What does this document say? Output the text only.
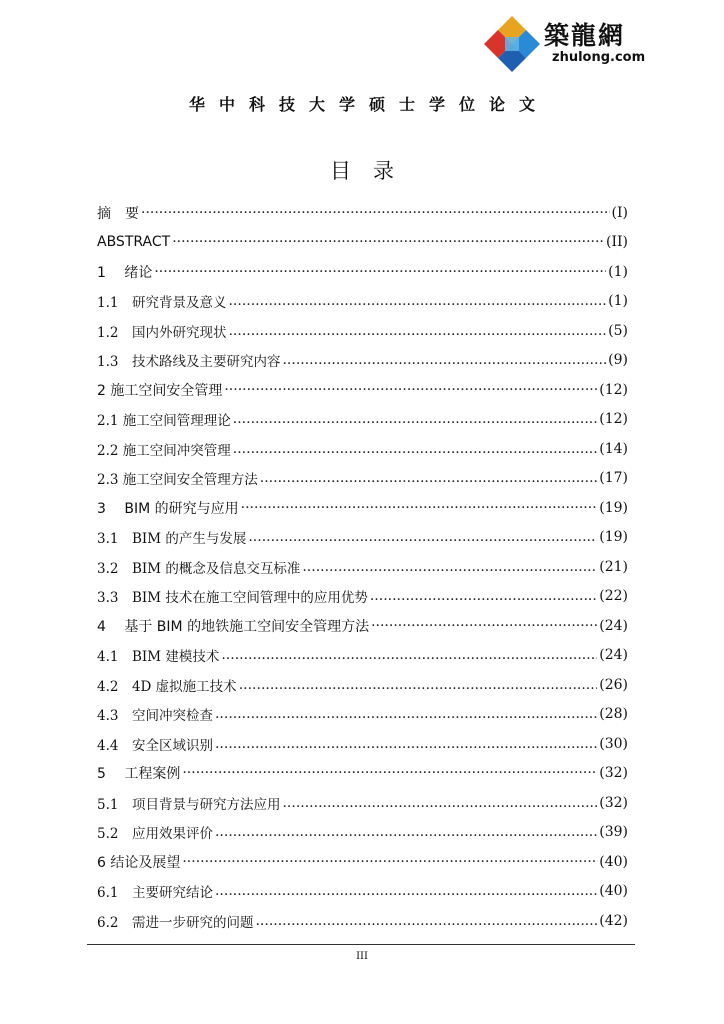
築龍網
zhulong.com
华中科技大学硕士学位论文
目录
摘　要 ·····	(I)
ABSTRACT ·····	(II)
1　 绪论 ·····	(1)
1.1　研究背景及意义 .....	(1)
1.2　国内外研究现状 .....	(5)
1.3　技术路线及主要研究内容 .....	(9)
2 施工空间安全管理 ·····	(12)
2.1 施工空间管理理论 .....	(12)
2.2 施工空间冲突管理 .....	(14)
2.3 施工空间安全管理方法 .....	(17)
3　 BIM 的研究与应用 ·····	(19)
3.1　BIM 的产生与发展 .....	(19)
3.2　BIM 的概念及信息交互标准 .....	(21)
3.3　BIM 技术在施工空间管理中的应用优势 .....	(22)
4　 基于 BIM 的地铁施工空间安全管理方法 ·····	(24)
4.1　BIM 建模技术 .....	(24)
4.2　4D 虚拟施工技术 .....	(26)
4.3　空间冲突检查 .....	(28)
4.4　安全区域识别 .....	(30)
5　 工程案例 ·····	(32)
5.1　项目背景与研究方法应用 .....	(32)
5.2　应用效果评价 .....	(39)
6 结论及展望 ·····	(40)
6.1　主要研究结论 .....	(40)
6.2　需进一步研究的问题 .....	(42)
III
